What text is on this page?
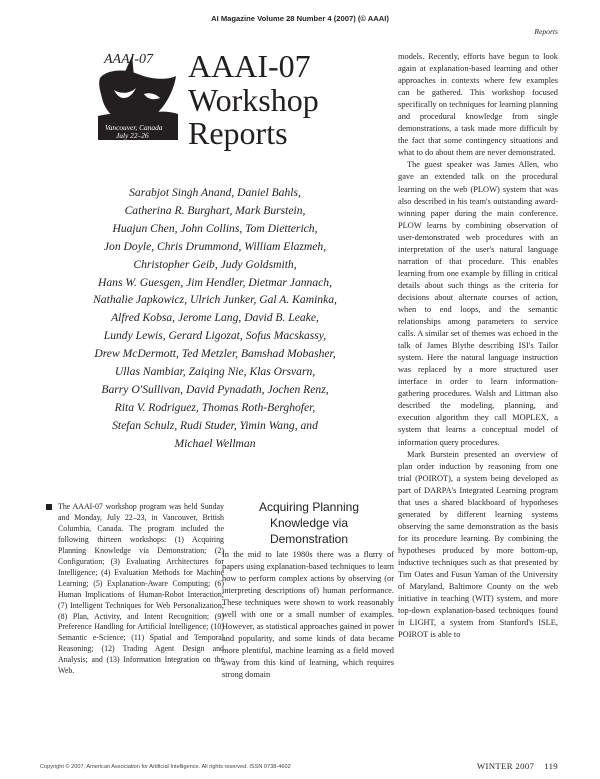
AI Magazine Volume 28 Number 4 (2007) (© AAAI)
Reports
AAAI-07
Vancouver, Canada
July 22–26
AAAI-07
Workshop
Reports
Sarabjot Singh Anand, Daniel Bahls,
Catherina R. Burghart, Mark Burstein,
Huajun Chen, John Collins, Tom Dietterich,
Jon Doyle, Chris Drummond, William Elazmeh,
Christopher Geib, Judy Goldsmith,
Hans W. Guesgen, Jim Hendler, Dietmar Jannach,
Nathalie Japkowicz, Ulrich Junker, Gal A. Kaminka,
Alfred Kobsa, Jerome Lang, David B. Leake,
Lundy Lewis, Gerard Ligozat, Sofus Macskassy,
Drew McDermott, Ted Metzler, Bamshad Mobasher,
Ullas Nambiar, Zaiqing Nie, Klas Orsvarn,
Barry O'Sullivan, David Pynadath, Jochen Renz,
Rita V. Rodriguez, Thomas Roth-Berghofer,
Stefan Schulz, Rudi Studer, Yimin Wang, and
Michael Wellman
The AAAI-07 workshop program was held Sunday and Monday, July 22–23, in Vancouver, British Columbia, Canada. The program included the following thirteen workshops: (1) Acquiring Planning Knowledge via Demonstration; (2) Configuration; (3) Evaluating Architectures for Intelligence; (4) Evaluation Methods for Machine Learning; (5) Explanation-Aware Computing; (6) Human Implications of Human-Robot Interaction; (7) Intelligent Techniques for Web Personalization; (8) Plan, Activity, and Intent Recognition; (9) Preference Handling for Artificial Intelligence; (10) Semantic e-Science; (11) Spatial and Temporal Reasoning; (12) Trading Agent Design and Analysis; and (13) Information Integration on the Web.
Acquiring Planning
Knowledge via
Demonstration

In the mid to late 1980s there was a flurry of papers using explanation-based techniques to learn how to perform complex actions by observing (or interpreting descriptions of) human performance. These techniques were shown to work reasonably well with one or a small number of examples. However, as statistical approaches gained in power and popularity, and some kinds of data became more plentiful, machine learning as a field moved away from this kind of learning, which requires strong domain

models. Recently, efforts have begun to look again at explanation-based learning and other approaches in contexts where few examples can be gathered. This workshop focused specifically on techniques for learning planning and procedural knowledge from single demonstrations, a task made more difficult by the fact that some contingency situations and what to do about them are never demonstrated.

The guest speaker was James Allen, who gave an extended talk on the procedural learning on the web (PLOW) system that was also described in his team's outstanding award-winning paper during the main conference. PLOW learns by combining observation of user-demonstrated web procedures with an interpretation of the user's natural language narration of that procedure. This enables learning from one example by filling in critical details about such things as the criteria for decisions about alternate courses of action, when to end loops, and the semantic relationships among parameters to service calls. A similar set of themes was echoed in the talk of James Blythe describing ISI's Tailor system. Here the natural language instruction was replaced by a more structured user interface in order to learn information-gathering procedures. Walsh and Littman also described the modeling, planning, and execution algorithm they call MOPLEX, a system that learns a conceptual model of information query procedures.

Mark Burstein presented an overview of plan order induction by reasoning from one trial (POIROT), a system being developed as part of DARPA's Integrated Learning program that uses a shared blackboard of hypotheses generated by different learning systems observing the same demonstration as the basis for its procedure learning. By combining the hypotheses produced by more bottom-up, inductive techniques such as that presented by Tim Oates and Fusun Yaman of the University of Maryland, Baltimore County on the web initiative in teaching (WIT) system, and more top-down explanation-based techniques found in LIGHT, a system from Stanford's ISLE, POIROT is able to

Copyright © 2007, American Association for Artificial Intelligence. All rights reserved. ISSN 0738-4602	WINTER 2007 119
